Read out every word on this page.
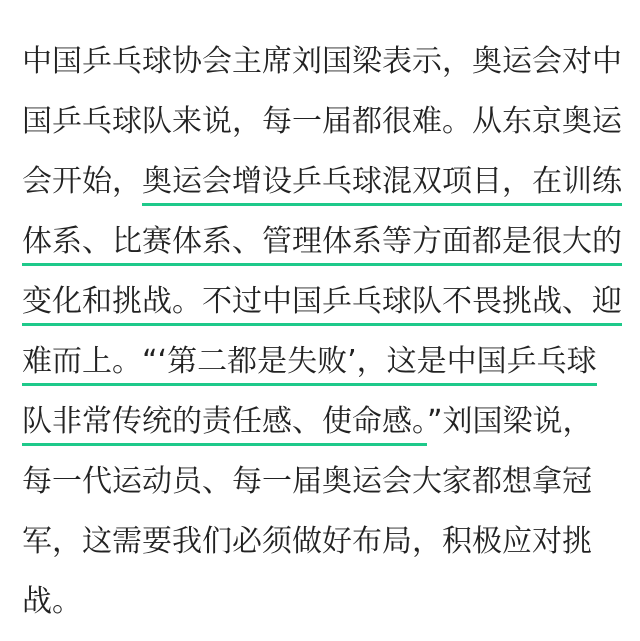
中国乒乓球协会主席刘国梁表示，奥运会对中
国乒乓球队来说，每一届都很难。从东京奥运
会开始，奥运会增设乒乓球混双项目，在训练
体系、比赛体系、管理体系等方面都是很大的
变化和挑战。不过中国乒乓球队不畏挑战、迎
难而上。“‘第二都是失败’，这是中国乒乓球
队非常传统的责任感、使命感。”刘国梁说，
每一代运动员、每一届奥运会大家都想拿冠
军，这需要我们必须做好布局，积极应对挑
战。
